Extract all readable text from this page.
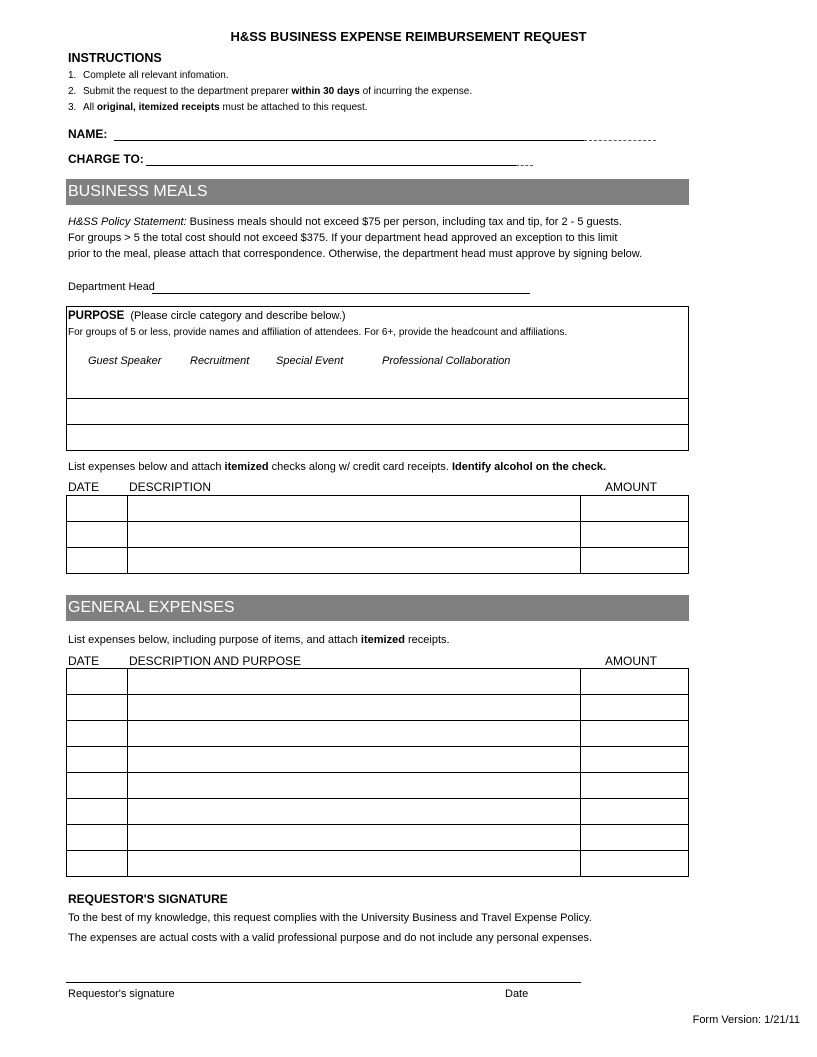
H&SS BUSINESS EXPENSE REIMBURSEMENT REQUEST
INSTRUCTIONS
1. Complete all relevant infomation.
2. Submit the request to the department preparer within 30 days of incurring the expense.
3. All original, itemized receipts must be attached to this request.
NAME:
CHARGE TO:
BUSINESS MEALS
H&SS Policy Statement: Business meals should not exceed $75 per person, including tax and tip, for 2 - 5 guests.
For groups > 5 the total cost should not exceed $375. If your department head approved an exception to this limit
prior to the meal, please attach that correspondence. Otherwise, the department head must approve by signing below.
Department Head
PURPOSE (Please circle category and describe below.)
For groups of 5 or less, provide names and affiliation of attendees. For 6+, provide the headcount and affiliations.
Guest Speaker	Recruitment Special Event	Professional Collaboration
List expenses below and attach itemized checks along w/ credit card receipts. Identify alcohol on the check.
DATE DESCRIPTION	AMOUNT

GENERAL EXPENSES
List expenses below, including purpose of items, and attach itemized receipts.
DATE DESCRIPTION AND PURPOSE	AMOUNT

REQUESTOR'S SIGNATURE
To the best of my knowledge, this request complies with the University Business and Travel Expense Policy.
The expenses are actual costs with a valid professional purpose and do not include any personal expenses.
Requestor's signature	Date
Form Version: 1/21/11
